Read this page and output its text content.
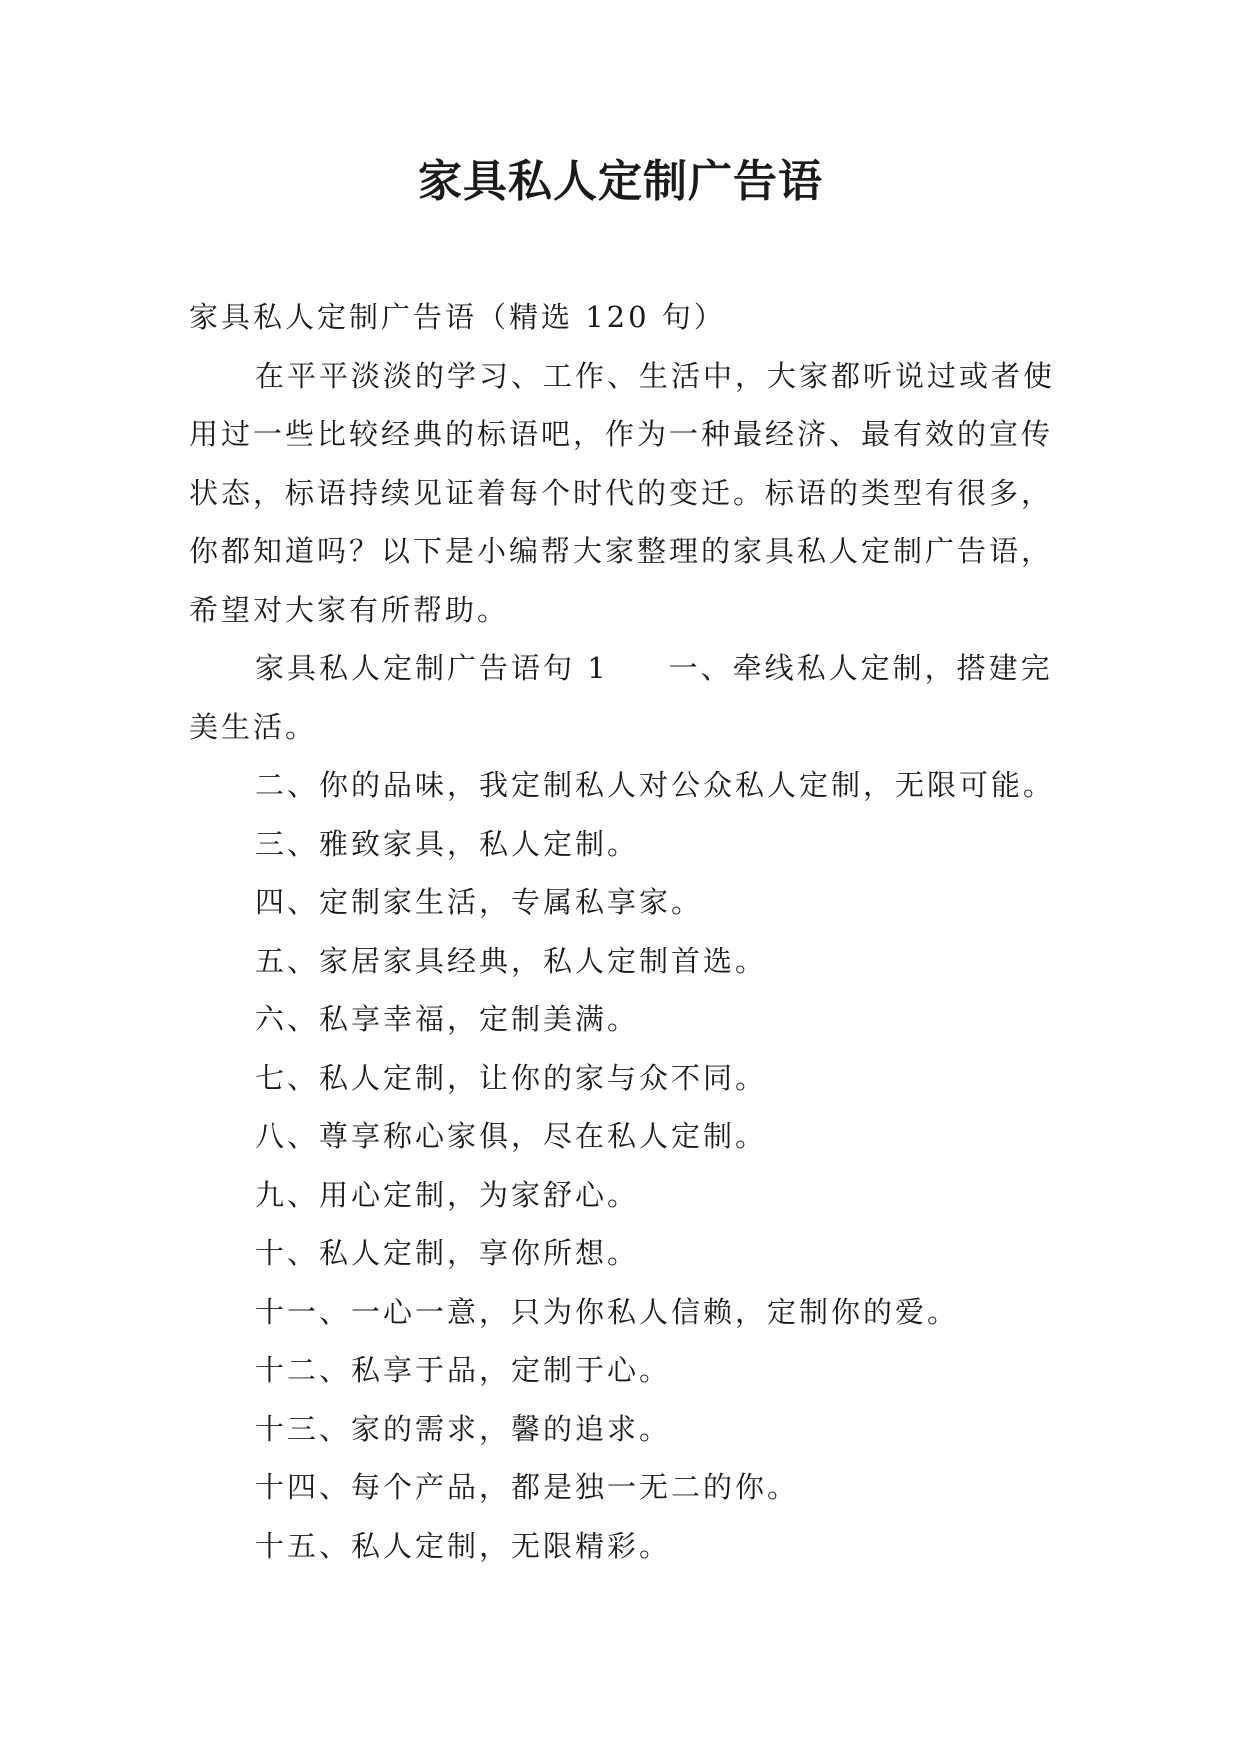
家具私人定制广告语

家具私人定制广告语（精选 120 句）

在平平淡淡的学习、工作、生活中，大家都听说过或者使用过一些比较经典的标语吧，作为一种最经济、最有效的宣传状态，标语持续见证着每个时代的变迁。标语的类型有很多，你都知道吗？以下是小编帮大家整理的家具私人定制广告语，希望对大家有所帮助。

家具私人定制广告语句 1 一、牵线私人定制，搭建完美生活。

二、你的品味，我定制私人对公众私人定制，无限可能。

三、雅致家具，私人定制。

四、定制家生活，专属私享家。

五、家居家具经典，私人定制首选。

六、私享幸福，定制美满。

七、私人定制，让你的家与众不同。

八、尊享称心家俱，尽在私人定制。

九、用心定制，为家舒心。

十、私人定制，享你所想。

十一、一心一意，只为你私人信赖，定制你的爱。

十二、私享于品，定制于心。

十三、家的需求，馨的追求。

十四、每个产品，都是独一无二的你。

十五、私人定制，无限精彩。
